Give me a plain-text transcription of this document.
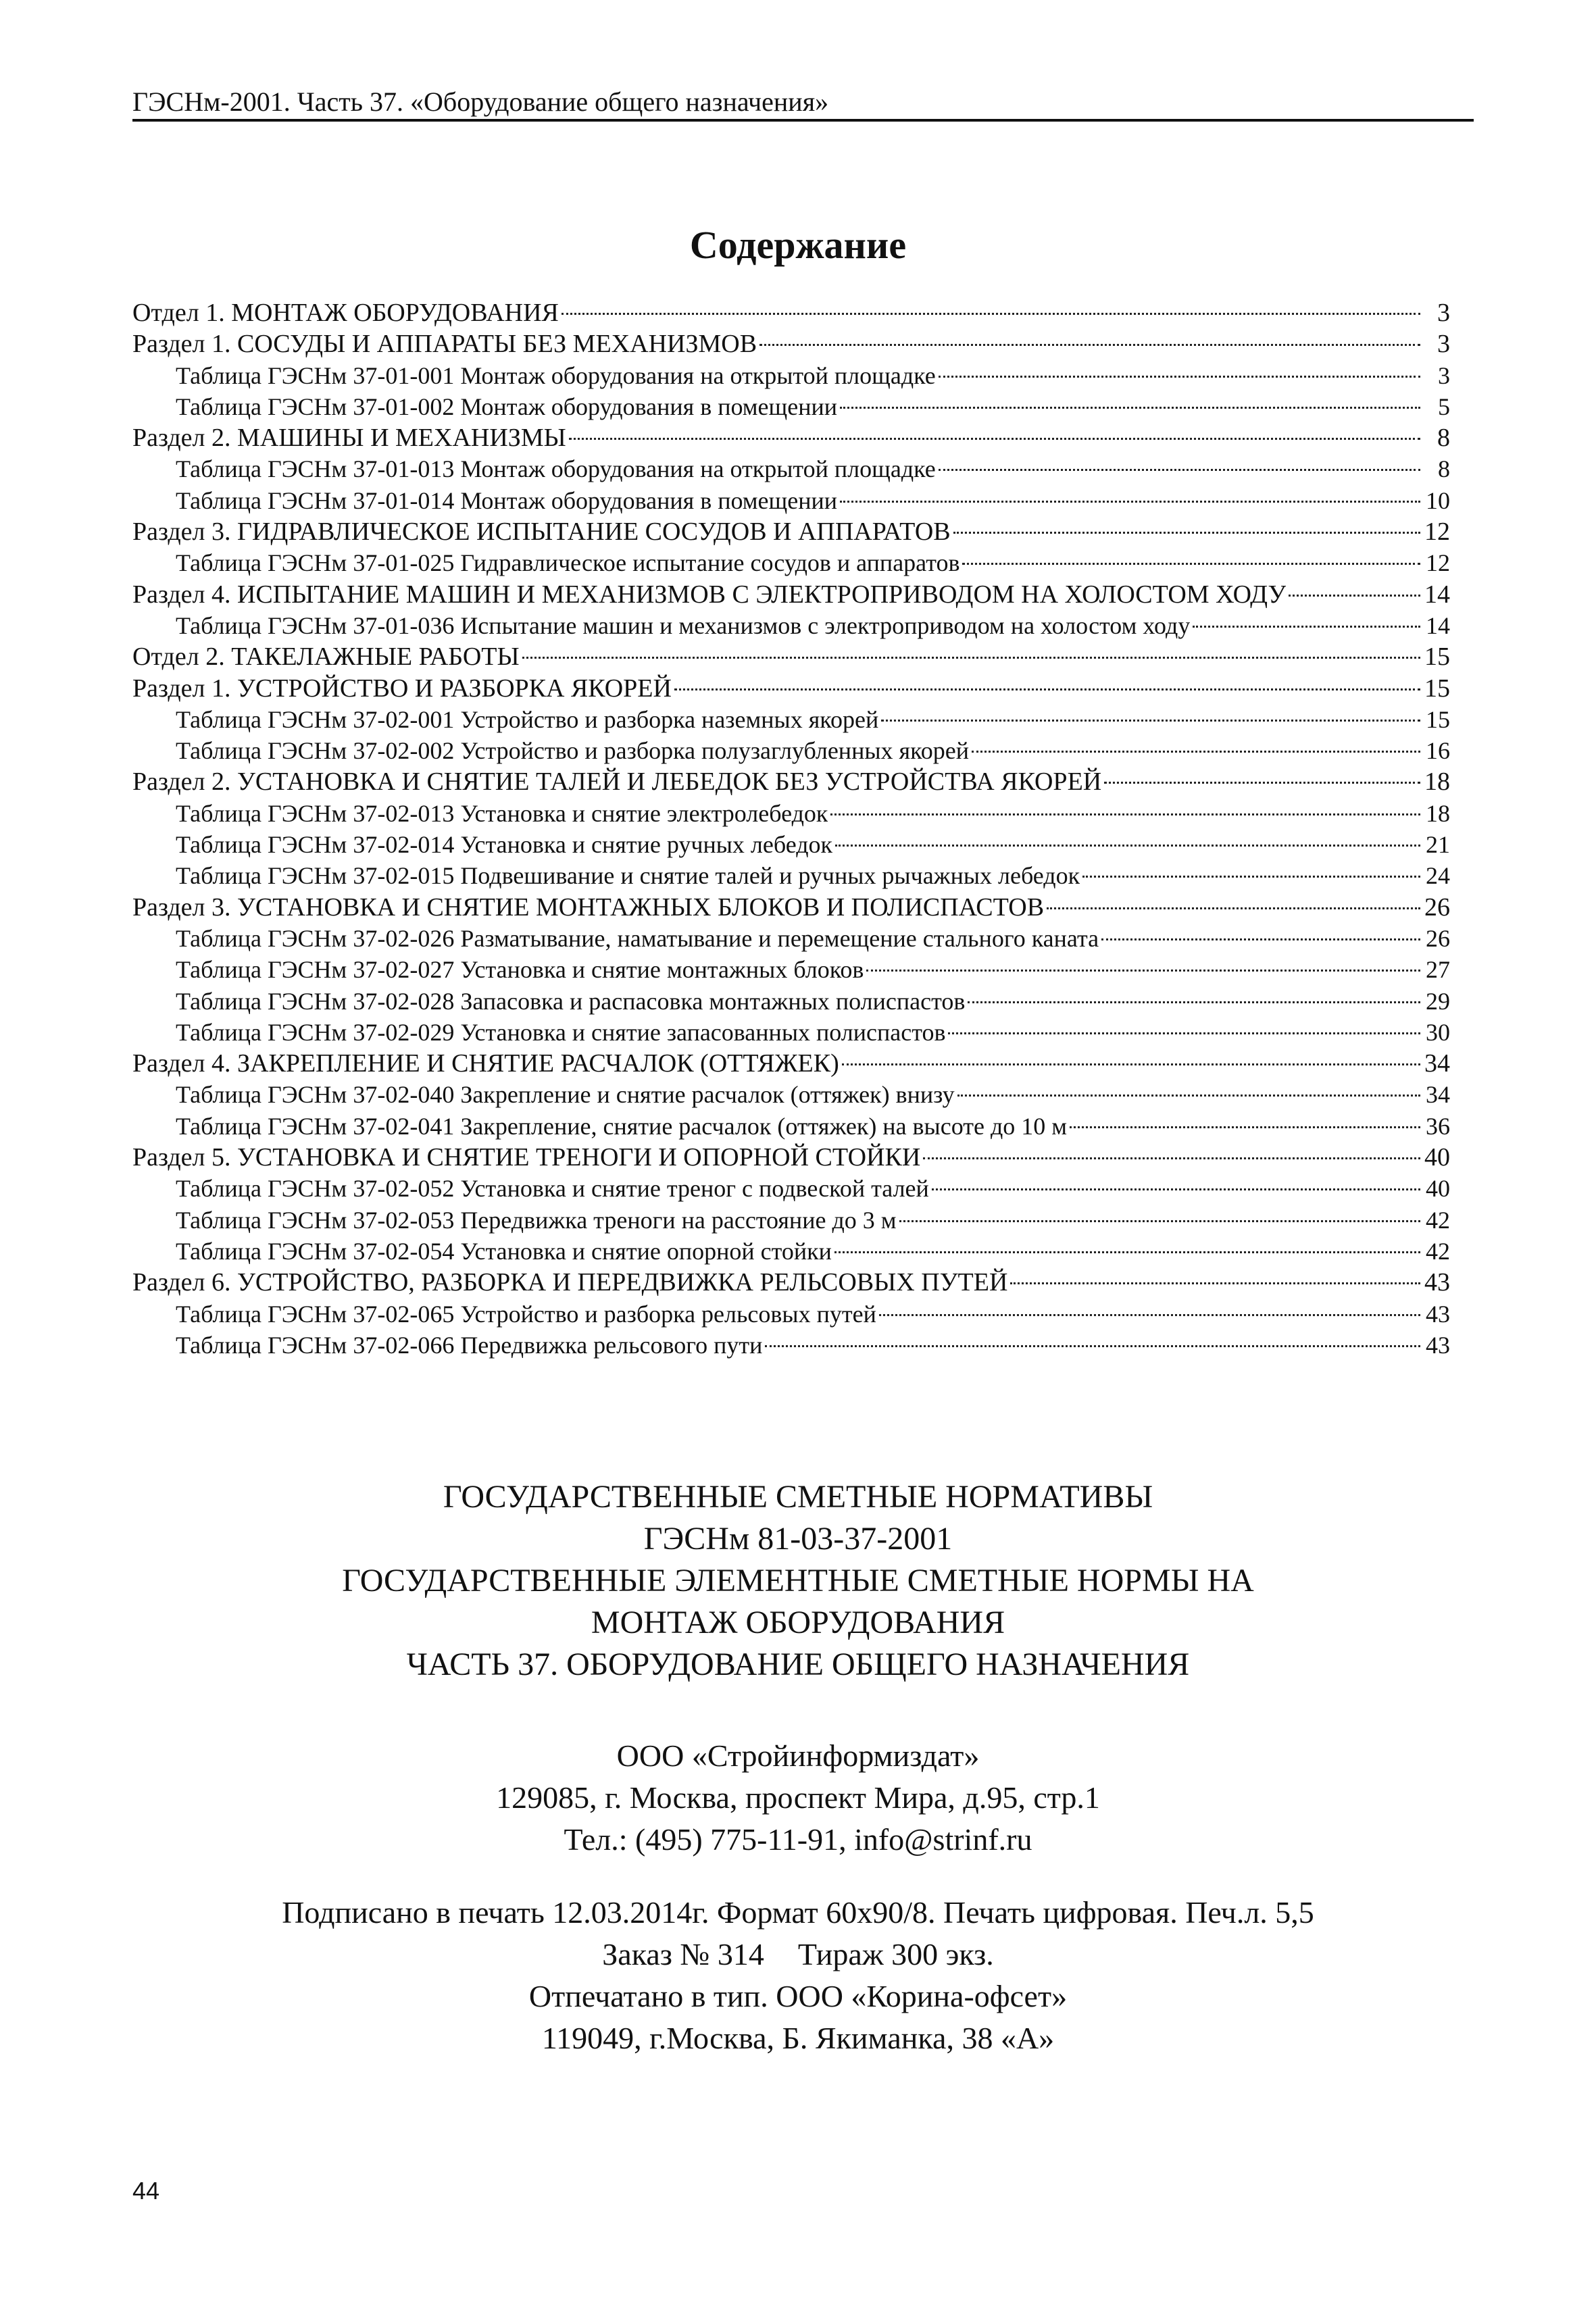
ГЭСНм-2001. Часть 37. «Оборудование общего назначения»
Содержание
Отдел 1. МОНТАЖ ОБОРУДОВАНИЯ	3
Раздел 1. СОСУДЫ И АППАРАТЫ БЕЗ МЕХАНИЗМОВ	3
Таблица ГЭСНм 37-01-001 Монтаж оборудования на открытой площадке	3
Таблица ГЭСНм 37-01-002 Монтаж оборудования в помещении	5
Раздел 2. МАШИНЫ И МЕХАНИЗМЫ	8
Таблица ГЭСНм 37-01-013 Монтаж оборудования на открытой площадке	8
Таблица ГЭСНм 37-01-014 Монтаж оборудования в помещении	10
Раздел 3. ГИДРАВЛИЧЕСКОЕ ИСПЫТАНИЕ СОСУДОВ И АППАРАТОВ	12
Таблица ГЭСНм 37-01-025 Гидравлическое испытание сосудов и аппаратов	12
Раздел 4. ИСПЫТАНИЕ МАШИН И МЕХАНИЗМОВ С ЭЛЕКТРОПРИВОДОМ НА ХОЛОСТОМ ХОДУ	14
Таблица ГЭСНм 37-01-036 Испытание машин и механизмов с электроприводом на холостом ходу	14
Отдел 2. ТАКЕЛАЖНЫЕ РАБОТЫ	15
Раздел 1. УСТРОЙСТВО И РАЗБОРКА ЯКОРЕЙ	15
Таблица ГЭСНм 37-02-001 Устройство и разборка наземных якорей	15
Таблица ГЭСНм 37-02-002 Устройство и разборка полузаглубленных якорей	16
Раздел 2. УСТАНОВКА И СНЯТИЕ ТАЛЕЙ И ЛЕБЕДОК БЕЗ УСТРОЙСТВА ЯКОРЕЙ	18
Таблица ГЭСНм 37-02-013 Установка и снятие электролебедок	18
Таблица ГЭСНм 37-02-014 Установка и снятие ручных лебедок	21
Таблица ГЭСНм 37-02-015 Подвешивание и снятие талей и ручных рычажных лебедок	24
Раздел 3. УСТАНОВКА И СНЯТИЕ МОНТАЖНЫХ БЛОКОВ И ПОЛИСПАСТОВ	26
Таблица ГЭСНм 37-02-026 Разматывание, наматывание и перемещение стального каната	26
Таблица ГЭСНм 37-02-027 Установка и снятие монтажных блоков	27
Таблица ГЭСНм 37-02-028 Запасовка и распасовка монтажных полиспастов	29
Таблица ГЭСНм 37-02-029 Установка и снятие запасованных полиспастов	30
Раздел 4. ЗАКРЕПЛЕНИЕ И СНЯТИЕ РАСЧАЛОК (ОТТЯЖЕК)	34
Таблица ГЭСНм 37-02-040 Закрепление и снятие расчалок (оттяжек) внизу	34
Таблица ГЭСНм 37-02-041 Закрепление, снятие расчалок (оттяжек) на высоте до 10 м	36
Раздел 5. УСТАНОВКА И СНЯТИЕ ТРЕНОГИ И ОПОРНОЙ СТОЙКИ	40
Таблица ГЭСНм 37-02-052 Установка и снятие треног с подвеской талей	40
Таблица ГЭСНм 37-02-053 Передвижка треноги на расстояние до 3 м	42
Таблица ГЭСНм 37-02-054 Установка и снятие опорной стойки	42
Раздел 6. УСТРОЙСТВО, РАЗБОРКА И ПЕРЕДВИЖКА РЕЛЬСОВЫХ ПУТЕЙ	43
Таблица ГЭСНм 37-02-065 Устройство и разборка рельсовых путей	43
Таблица ГЭСНм 37-02-066 Передвижка рельсового пути	43
ГОСУДАРСТВЕННЫЕ СМЕТНЫЕ НОРМАТИВЫ
ГЭСНм 81-03-37-2001
ГОСУДАРСТВЕННЫЕ ЭЛЕМЕНТНЫЕ СМЕТНЫЕ НОРМЫ НА
МОНТАЖ ОБОРУДОВАНИЯ
ЧАСТЬ 37. ОБОРУДОВАНИЕ ОБЩЕГО НАЗНАЧЕНИЯ
ООО «Стройинформиздат»
129085, г. Москва, проспект Мира, д.95, стр.1
Тел.: (495) 775-11-91, info@strinf.ru
Подписано в печать 12.03.2014г. Формат 60х90/8. Печать цифровая. Печ.л. 5,5
Заказ № 314 Тираж 300 экз.
Отпечатано в тип. ООО «Корина-офсет»
119049, г.Москва, Б. Якиманка, 38 «А»
44
